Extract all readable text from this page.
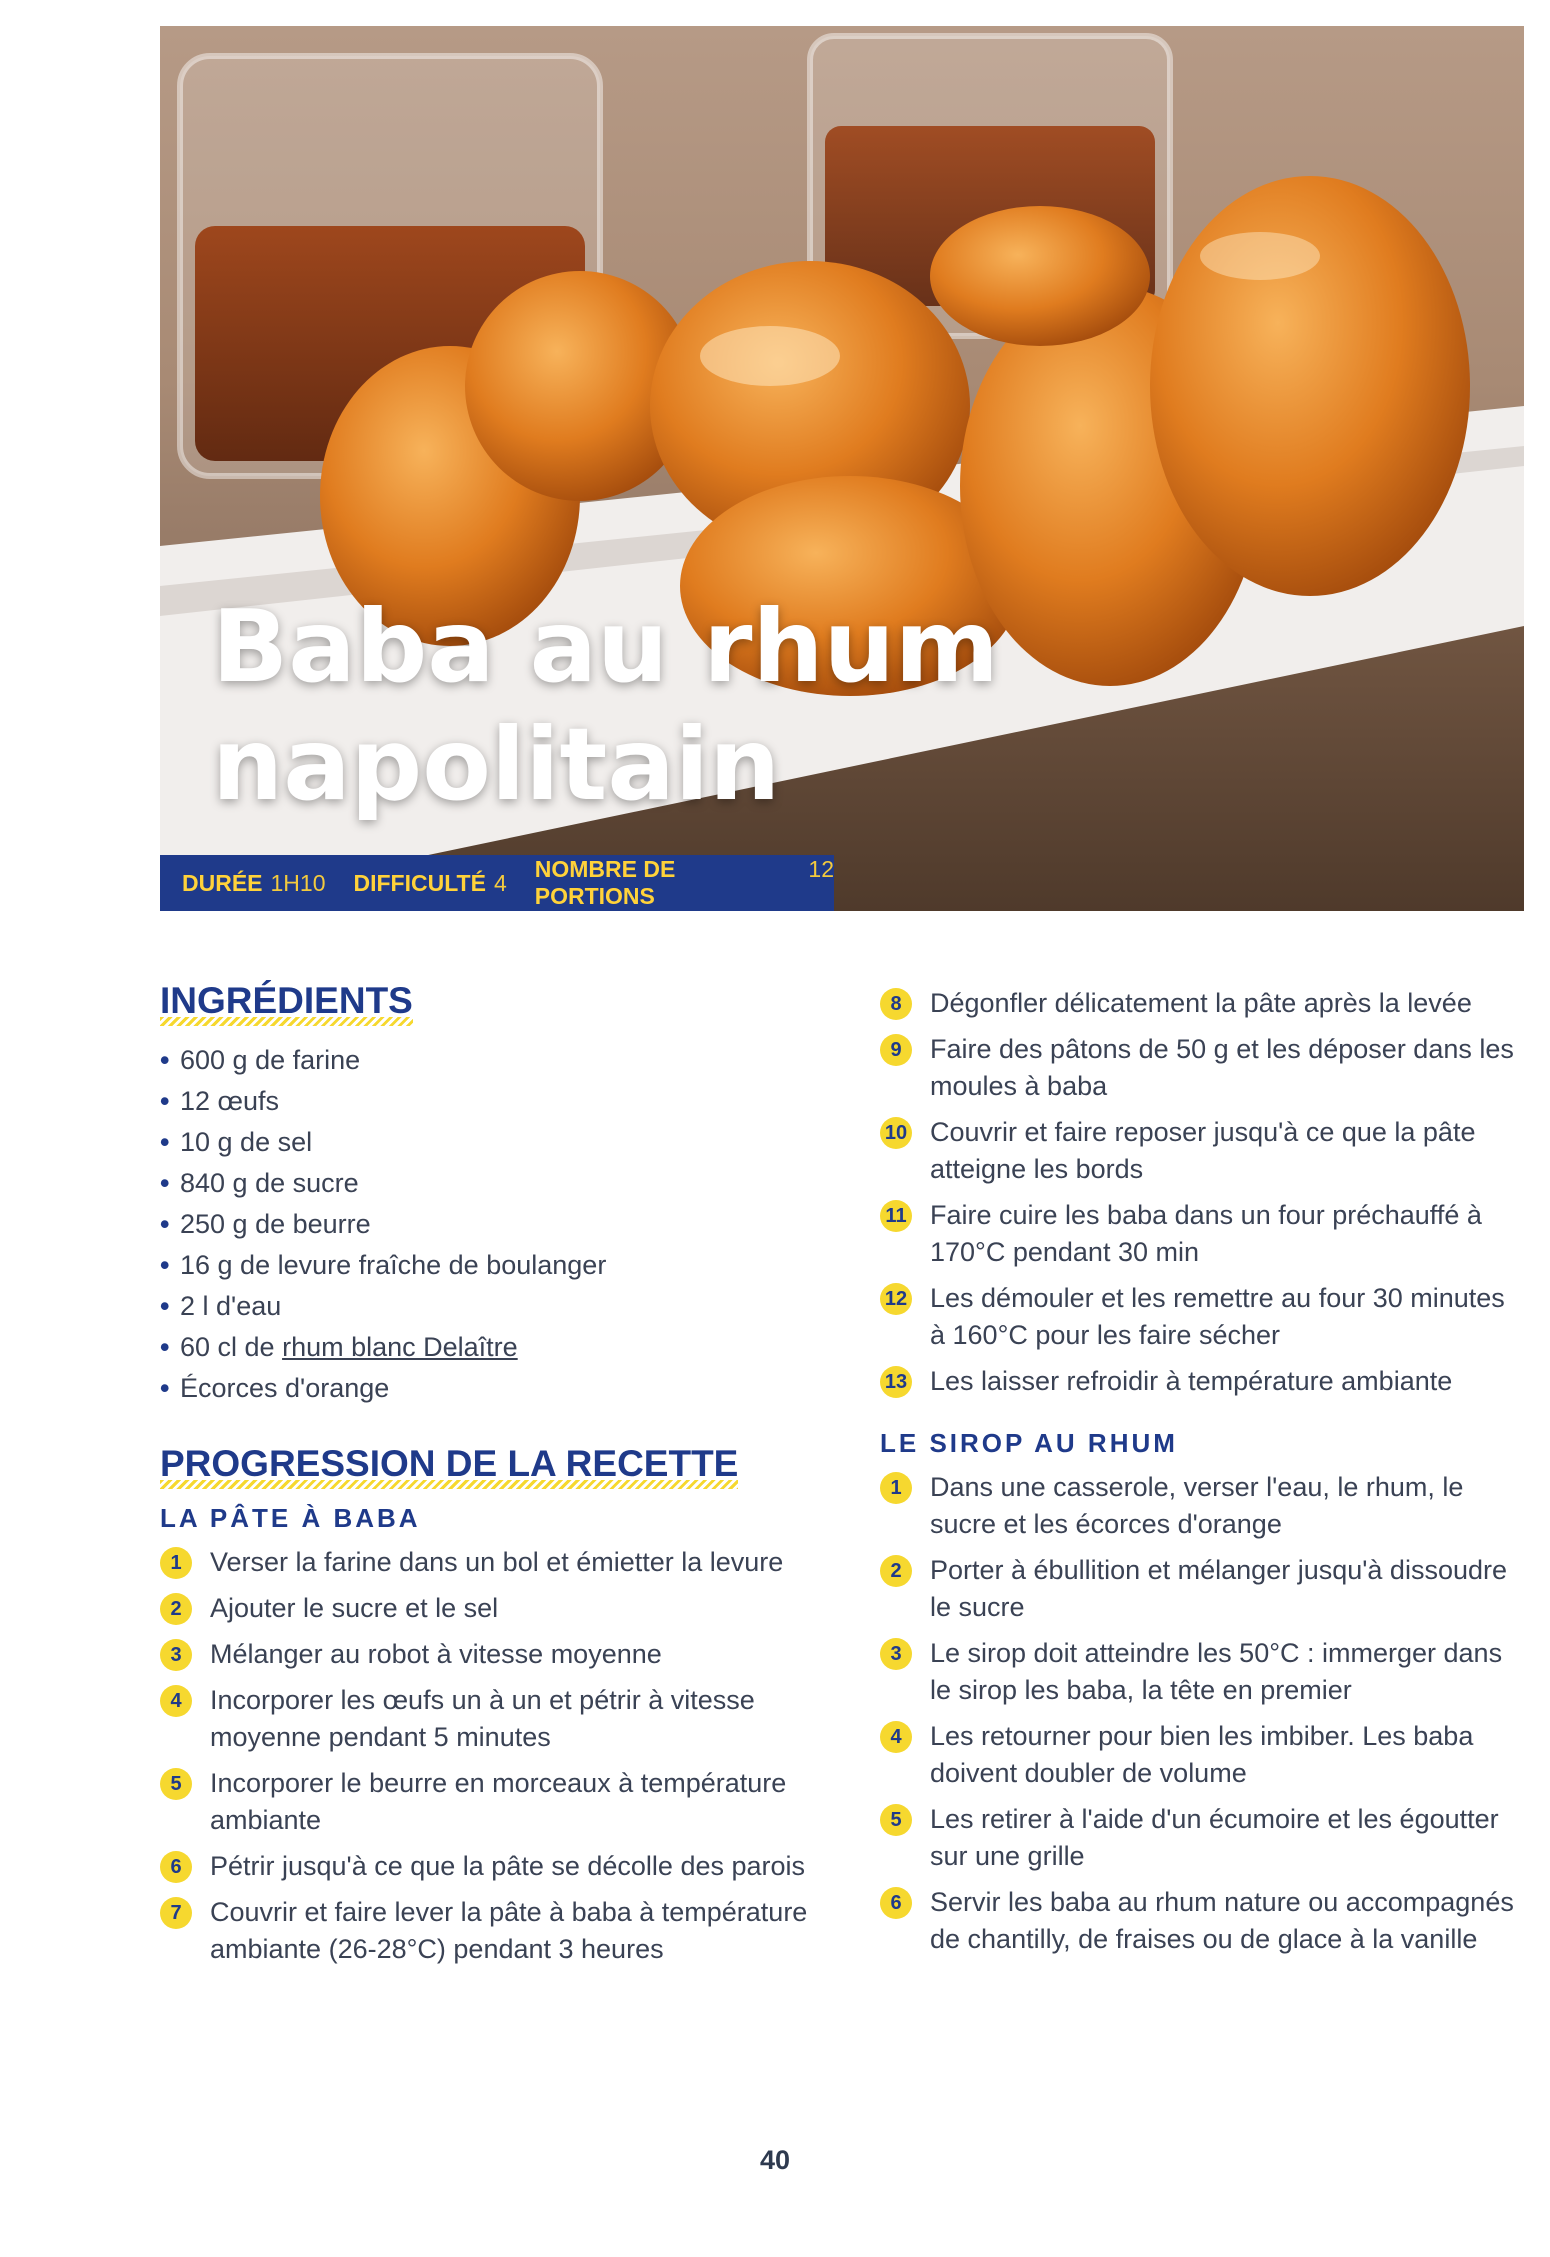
Baba au rhum
napolitain
DURÉE 1H10 DIFFICULTÉ 4
NOMBRE DE PORTIONS
12
INGRÉDIENTS
• 600 g de farine
• 12 œufs
• 10 g de sel
• 840 g de sucre
• 250 g de beurre
• 16 g de levure fraîche de boulanger
• 2 l d'eau
• 60 cl de rhum blanc Delaître
• Écorces d'orange
PROGRESSION DE LA RECETTE
LA PÂTE À BABA
1	Verser la farine dans un bol et émietter la levure
2	Ajouter le sucre et le sel
3	Mélanger au robot à vitesse moyenne
4	Incorporer les œufs un à un et pétrir à vitesse moyenne pendant 5 minutes
5	Incorporer le beurre en morceaux à température ambiante
6	Pétrir jusqu'à ce que la pâte se décolle des parois
7	Couvrir et faire lever la pâte à baba à température ambiante (26-28°C) pendant 3 heures
8	Dégonfler délicatement la pâte après la levée
9	Faire des pâtons de 50 g et les déposer dans les moules à baba
10 Couvrir et faire reposer jusqu'à ce que la pâte atteigne les bords
11 Faire cuire les baba dans un four préchauffé à 170°C pendant 30 min
12 Les démouler et les remettre au four 30 minutes à 160°C pour les faire sécher
13 Les laisser refroidir à température ambiante
LE SIROP AU RHUM
1	Dans une casserole, verser l'eau, le rhum, le sucre et les écorces d'orange
2	Porter à ébullition et mélanger jusqu'à dissoudre le sucre
3	Le sirop doit atteindre les 50°C : immerger dans le sirop les baba, la tête en premier
4	Les retourner pour bien les imbiber. Les baba doivent doubler de volume
5	Les retirer à l'aide d'un écumoire et les égoutter sur une grille
6	Servir les baba au rhum nature ou accompagnés de chantilly, de fraises ou de glace à la vanille
40
